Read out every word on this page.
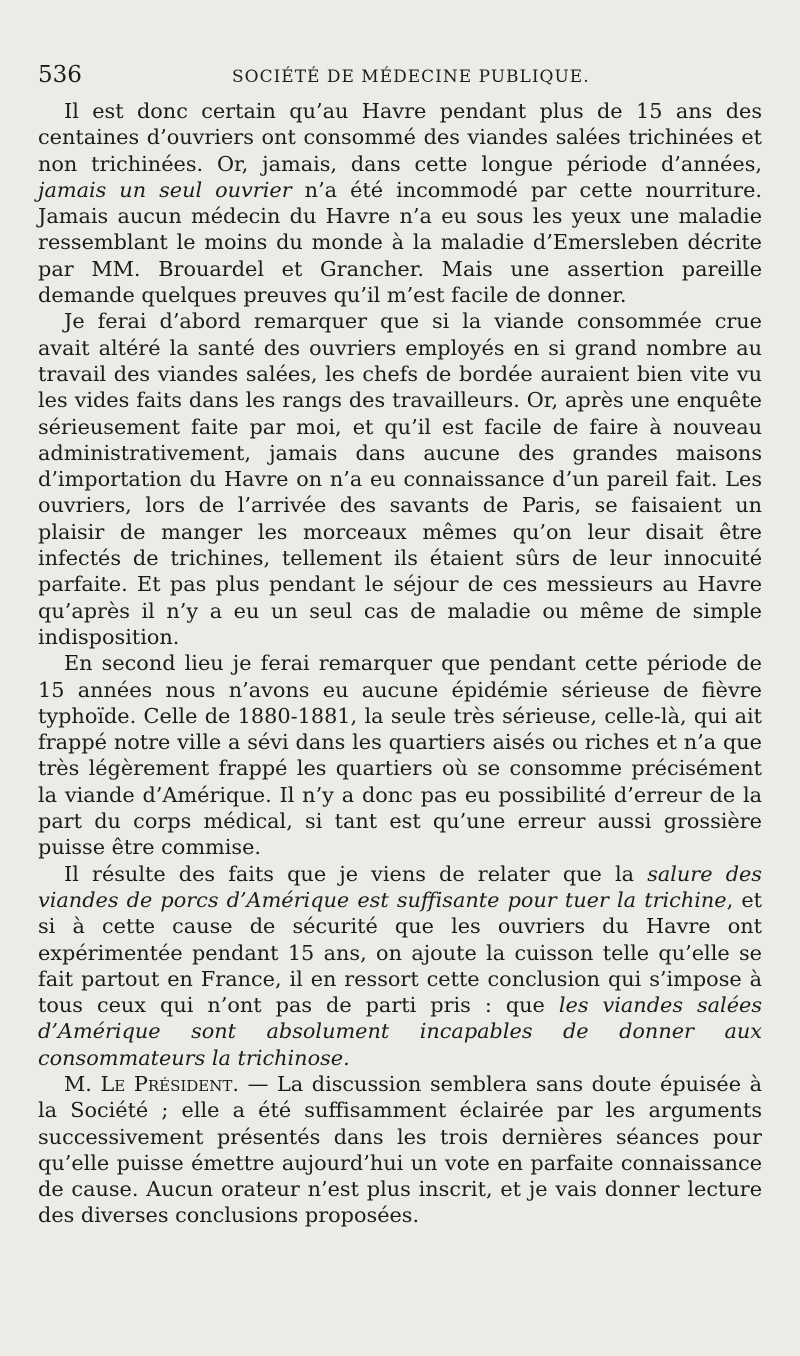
536	SOCIÉTÉ DE MÉDECINE PUBLIQUE.

Il est donc certain qu’au Havre pendant plus de 15 ans des centaines d’ouvriers ont consommé des viandes salées trichinées et non trichinées. Or, jamais, dans cette longue période d’années, jamais un seul ouvrier n’a été incommodé par cette nourriture. Jamais aucun médecin du Havre n’a eu sous les yeux une maladie ressemblant le moins du monde à la maladie d’Emersleben décrite par MM. Brouardel et Grancher. Mais une assertion pareille demande quelques preuves qu’il m’est facile de donner.

Je ferai d’abord remarquer que si la viande consommée crue avait altéré la santé des ouvriers employés en si grand nombre au travail des viandes salées, les chefs de bordée auraient bien vite vu les vides faits dans les rangs des travailleurs. Or, après une enquête sérieusement faite par moi, et qu’il est facile de faire à nouveau administrativement, jamais dans aucune des grandes maisons d’importation du Havre on n’a eu connaissance d’un pareil fait. Les ouvriers, lors de l’arrivée des savants de Paris, se faisaient un plaisir de manger les morceaux mêmes qu’on leur disait être infectés de trichines, tellement ils étaient sûrs de leur innocuité parfaite. Et pas plus pendant le séjour de ces messieurs au Havre qu’après il n’y a eu un seul cas de maladie ou même de simple indisposition.

En second lieu je ferai remarquer que pendant cette période de 15 années nous n’avons eu aucune épidémie sérieuse de fièvre typhoïde. Celle de 1880-1881, la seule très sérieuse, celle-là, qui ait frappé notre ville a sévi dans les quartiers aisés ou riches et n’a que très légèrement frappé les quartiers où se consomme précisément la viande d’Amérique. Il n’y a donc pas eu possibilité d’erreur de la part du corps médical, si tant est qu’une erreur aussi grossière puisse être commise.

Il résulte des faits que je viens de relater que la salure des viandes de porcs d’Amérique est suffisante pour tuer la trichine, et si à cette cause de sécurité que les ouvriers du Havre ont expérimentée pendant 15 ans, on ajoute la cuisson telle qu’elle se fait partout en France, il en ressort cette conclusion qui s’impose à tous ceux qui n’ont pas de parti pris : que les viandes salées d’Amérique sont absolument incapables de donner aux consommateurs la trichinose.

M. Le Président. — La discussion semblera sans doute épuisée à la Société ; elle a été suffisamment éclairée par les arguments successivement présentés dans les trois dernières séances pour qu’elle puisse émettre aujourd’hui un vote en parfaite connaissance de cause. Aucun orateur n’est plus inscrit, et je vais donner lecture des diverses conclusions proposées.
